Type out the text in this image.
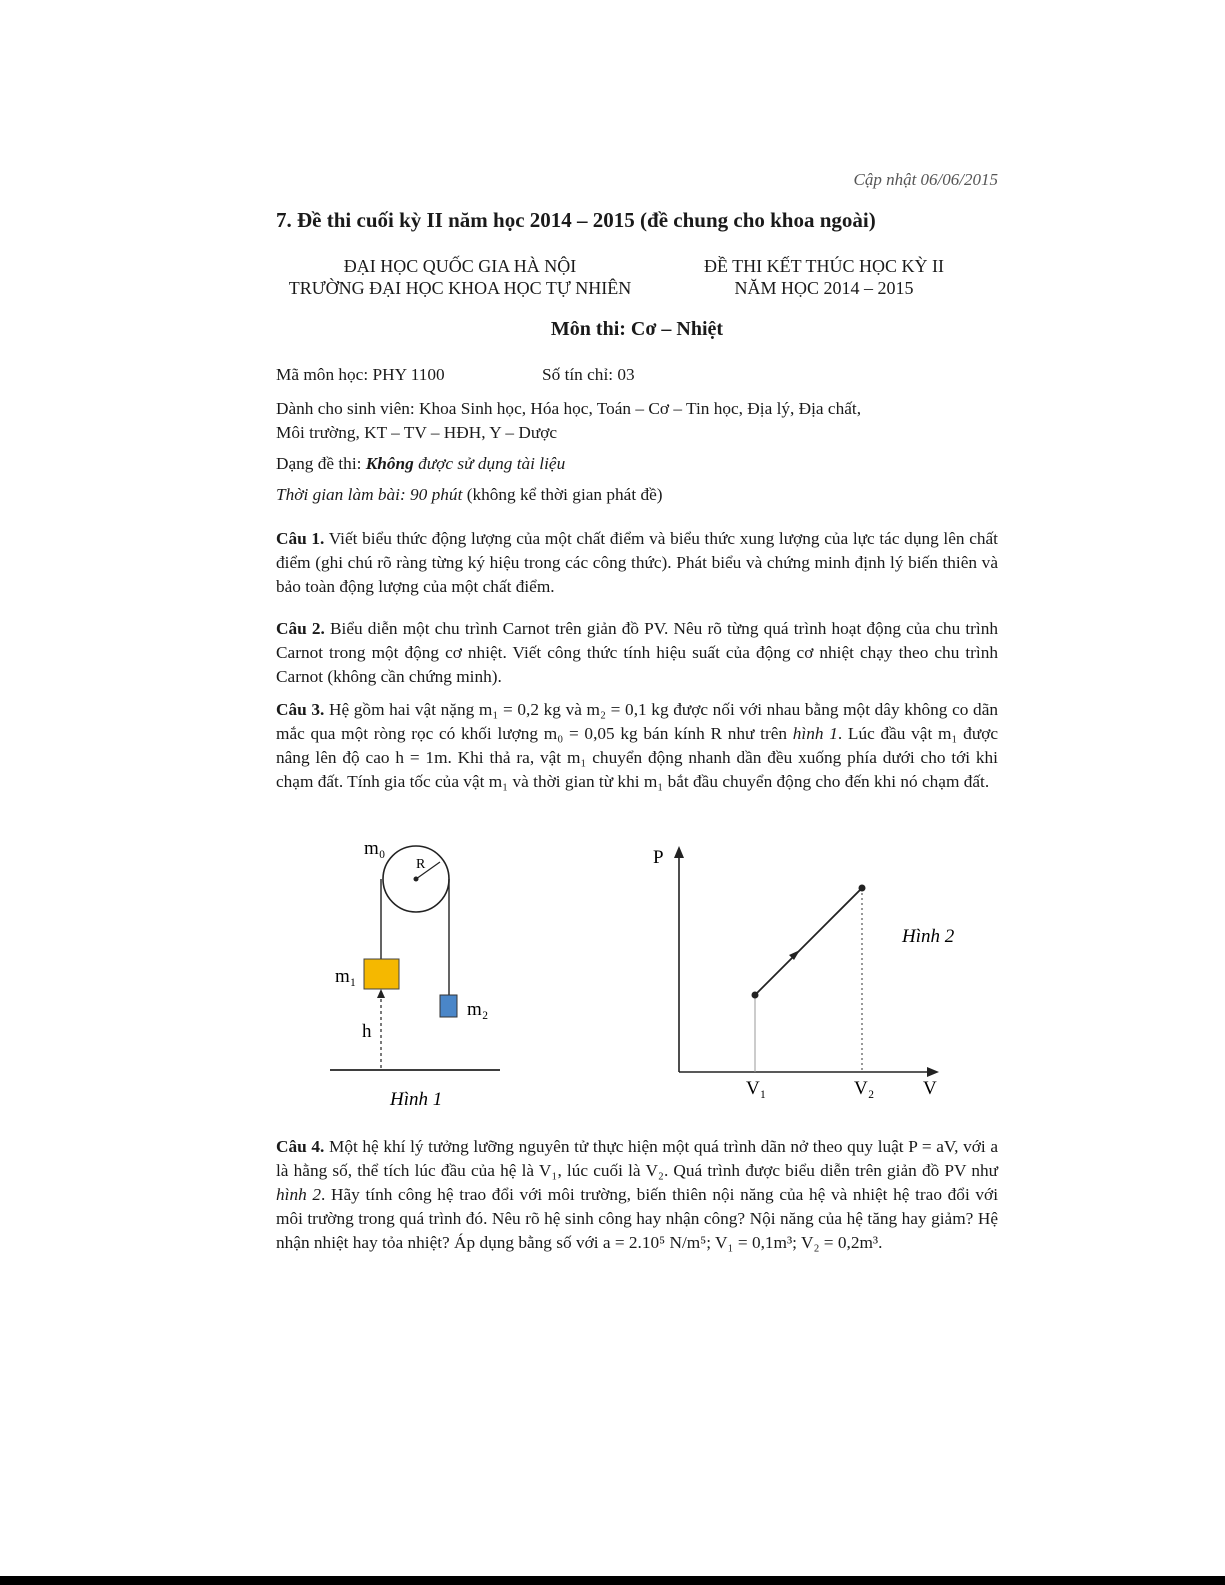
Cập nhật 06/06/2015
7. Đề thi cuối kỳ II năm học 2014 – 2015 (đề chung cho khoa ngoài)
ĐẠI HỌC QUỐC GIA HÀ NỘI
TRƯỜNG ĐẠI HỌC KHOA HỌC TỰ NHIÊN
ĐỀ THI KẾT THÚC HỌC KỲ II
NĂM HỌC 2014 – 2015
Môn thi: Cơ – Nhiệt
Mã môn học: PHY 1100	Số tín chỉ: 03
Dành cho sinh viên: Khoa Sinh học, Hóa học, Toán – Cơ – Tin học, Địa lý, Địa chất,
Môi trường, KT – TV – HĐH, Y – Dược
Dạng đề thi: Không được sử dụng tài liệu
Thời gian làm bài: 90 phút (không kể thời gian phát đề)
Câu 1. Viết biểu thức động lượng của một chất điểm và biểu thức xung lượng của lực tác dụng lên chất điểm (ghi chú rõ ràng từng ký hiệu trong các công thức). Phát biểu và chứng minh định lý biến thiên và bảo toàn động lượng của một chất điểm.
Câu 2. Biểu diễn một chu trình Carnot trên giản đồ PV. Nêu rõ từng quá trình hoạt động của chu trình Carnot trong một động cơ nhiệt. Viết công thức tính hiệu suất của động cơ nhiệt chạy theo chu trình Carnot (không cần chứng minh).
Câu 3. Hệ gồm hai vật nặng m₁ = 0,2 kg và m₂ = 0,1 kg được nối với nhau bằng một dây không co dãn mắc qua một ròng rọc có khối lượng m₀ = 0,05 kg bán kính R như trên hình 1. Lúc đầu vật m₁ được nâng lên độ cao h = 1m. Khi thả ra, vật m₁ chuyển động nhanh dần đều xuống phía dưới cho tới khi chạm đất. Tính gia tốc của vật m₁ và thời gian từ khi m₁ bắt đầu chuyển động cho đến khi nó chạm đất.
m₀
R
m₁
m₂
h
Hình 1
P
V
V₁	V₂
Hình 2
Câu 4. Một hệ khí lý tưởng lưỡng nguyên tử thực hiện một quá trình dãn nở theo quy luật P = aV, với a là hằng số, thể tích lúc đầu của hệ là V₁, lúc cuối là V₂. Quá trình được biểu diễn trên giản đồ PV như hình 2. Hãy tính công hệ trao đổi với môi trường, biến thiên nội năng của hệ và nhiệt hệ trao đổi với môi trường trong quá trình đó. Nêu rõ hệ sinh công hay nhận công? Nội năng của hệ tăng hay giảm? Hệ nhận nhiệt hay tỏa nhiệt? Áp dụng bằng số với a = 2.10⁵ N/m⁵; V₁ = 0,1m³; V₂ = 0,2m³.
